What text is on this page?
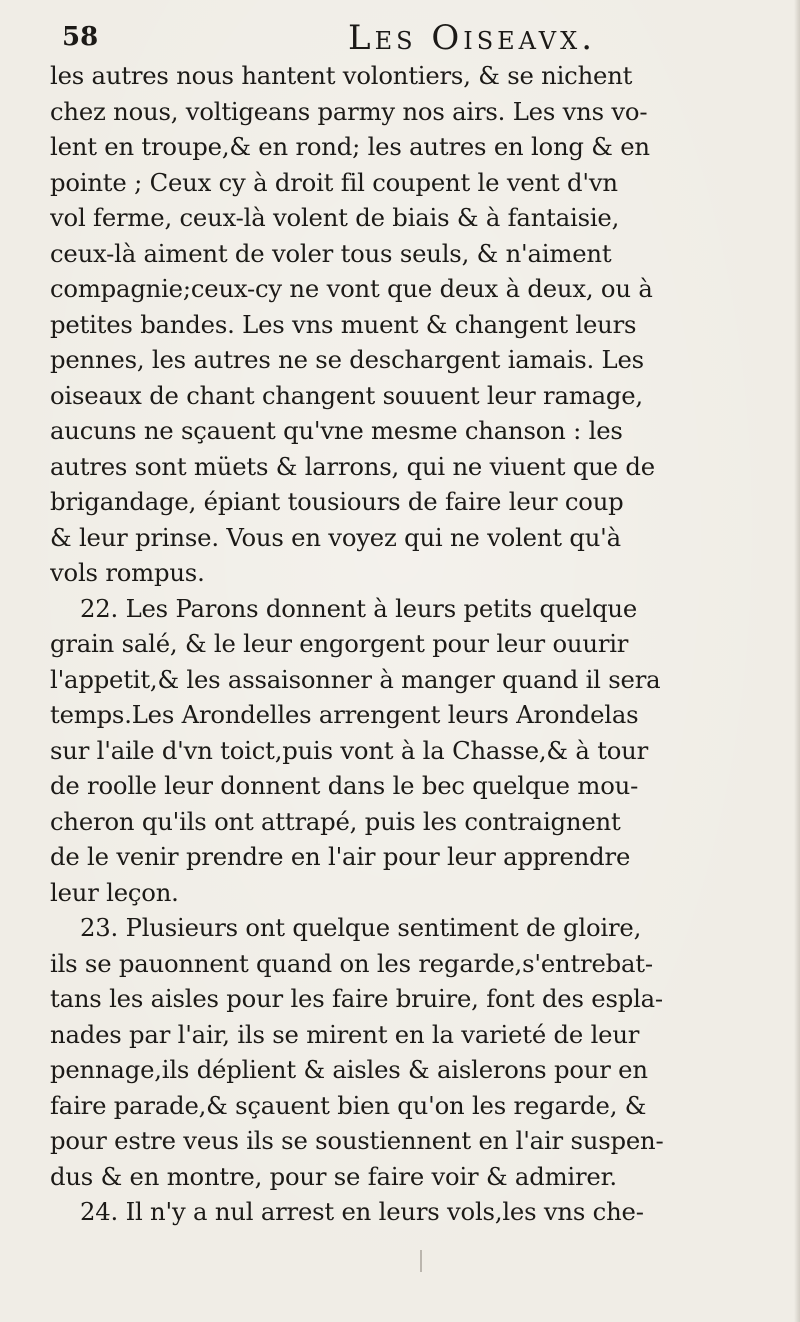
58	Les Oiseavx.
les autres nous hantent volontiers, & se nichent
chez nous, voltigeans parmy nos airs. Les vns vo-
lent en troupe,& en rond; les autres en long & en
pointe ; Ceux cy à droit fil coupent le vent d'vn
vol ferme, ceux-là volent de biais & à fantaisie,
ceux-là aiment de voler tous seuls, & n'aiment
compagnie;ceux-cy ne vont que deux à deux, ou à
petites bandes. Les vns muent & changent leurs
pennes, les autres ne se deschargent iamais. Les
oiseaux de chant changent souuent leur ramage,
aucuns ne sçauent qu'vne mesme chanson : les
autres sont müets & larrons, qui ne viuent que de
brigandage, épiant tousiours de faire leur coup
& leur prinse. Vous en voyez qui ne volent qu'à
vols rompus.
22. Les Parons donnent à leurs petits quelque
grain salé, & le leur engorgent pour leur ouurir
l'appetit,& les assaisonner à manger quand il sera
temps.Les Arondelles arrengent leurs Arondelas
sur l'aile d'vn toict,puis vont à la Chasse,& à tour
de roolle leur donnent dans le bec quelque mou-
cheron qu'ils ont attrapé, puis les contraignent
de le venir prendre en l'air pour leur apprendre
leur leçon.
23. Plusieurs ont quelque sentiment de gloire,
ils se pauonnent quand on les regarde,s'entrebat-
tans les aisles pour les faire bruire, font des espla-
nades par l'air, ils se mirent en la varieté de leur
pennage,ils déplient & aisles & aislerons pour en
faire parade,& sçauent bien qu'on les regarde, &
pour estre veus ils se soustiennent en l'air suspen-
dus & en montre, pour se faire voir & admirer.
24. Il n'y a nul arrest en leurs vols,les vns che-
